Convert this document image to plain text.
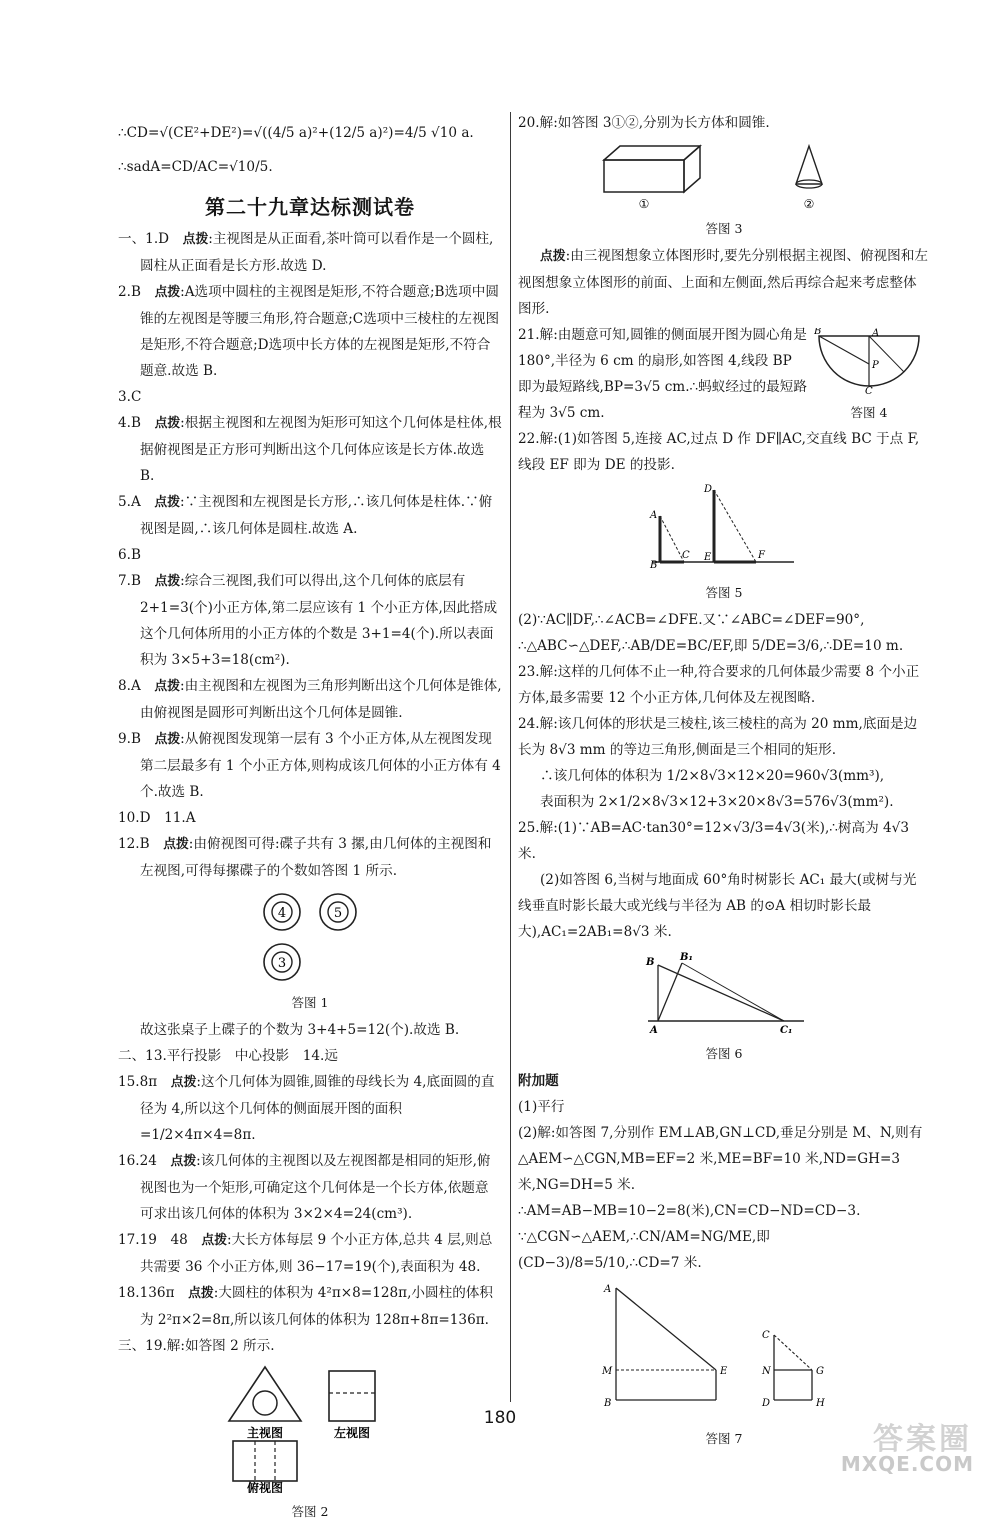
∴CD=√(CE²+DE²)=√((4/5 a)²+(12/5 a)²)=4/5 √10 a.

∴sadA=CD/AC=√10/5.

第二十九章达标测试卷

一、1.D　 点拨:主视图是从正面看,茶叶筒可以看作是一个圆柱,圆柱从正面看是长方形.故选 D.

2.B　 点拨:A选项中圆柱的主视图是矩形,不符合题意;B选项中圆锥的左视图是等腰三角形,符合题意;C选项中三棱柱的左视图是矩形,不符合题意;D选项中长方体的左视图是矩形,不符合题意.故选 B.

3.C

4.B　 点拨:根据主视图和左视图为矩形可知这个几何体是柱体,根据俯视图是正方形可判断出这个几何体应该是长方体.故选 B.

5.A　 点拨:∵主视图和左视图是长方形,∴该几何体是柱体.∵俯视图是圆,∴该几何体是圆柱.故选 A.

6.B

7.B　 点拨:综合三视图,我们可以得出,这个几何体的底层有 2+1=3(个)小正方体,第二层应该有 1 个小正方体,因此搭成这个几何体所用的小正方体的个数是 3+1=4(个).所以表面积为 3×5+3=18(cm²).

8.A　 点拨:由主视图和左视图为三角形判断出这个几何体是锥体,由俯视图是圆形可判断出这个几何体是圆锥.

9.B　 点拨:从俯视图发现第一层有 3 个小正方体,从左视图发现第二层最多有 1 个小正方体,则构成该几何体的小正方体有 4 个.故选 B.

10.D　11.A

12.B　 点拨:由俯视图可得:碟子共有 3 摞,由几何体的主视图和左视图,可得每摞碟子的个数如答图 1 所示.

4	5
3
答图 1

故这张桌子上碟子的个数为 3+4+5=12(个).故选 B.

二、13.平行投影　中心投影　14.远

15.8π　 点拨:这个几何体为圆锥,圆锥的母线长为 4,底面圆的直径为 4,所以这个几何体的侧面展开图的面积=1/2×4π×4=8π.

16.24　 点拨:该几何体的主视图以及左视图都是相同的矩形,俯视图也为一个矩形,可确定这个几何体是一个长方体,依题意可求出该几何体的体积为 3×2×4=24(cm³).

17.19　48　 点拨:大长方体每层 9 个小正方体,总共 4 层,则总共需要 36 个小正方体,则 36−17=19(个),表面积为 48.

18.136π　 点拨:大圆柱的体积为 4²π×8=128π,小圆柱的体积为 2²π×2=8π,所以该几何体的体积为 128π+8π=136π.

三、19.解:如答图 2 所示.

主视图	左视图
俯视图
答图 2

20.解:如答图 3①②,分别为长方体和圆锥.

①	②
答图 3

点拨:由三视图想象立体图形时,要先分别根据主视图、俯视图和左视图想象立体图形的前面、上面和左侧面,然后再综合起来考虑整体图形.

21.解:由题意可知,圆锥的侧面展开图为圆心角是 180°,半径为 6 cm 的扇形,如答图 4,线段 BP 即为最短路线,BP=3√5 cm.∴蚂蚁经过的最短路程为 3√5 cm.

A
B
P
C
答图 4

22.解:(1)如答图 5,连接 AC,过点 D 作 DF∥AC,交直线 BC 于点 F,线段 EF 即为 DE 的投影.

A
B
C
D
E	F
答图 5

(2)∵AC∥DF,∴∠ACB=∠DFE.又∵∠ABC=∠DEF=90°,

∴△ABC∽△DEF,∴AB/DE=BC/EF,即 5/DE=3/6,∴DE=10 m.

23.解:这样的几何体不止一种,符合要求的几何体最少需要 8 个小正方体,最多需要 12 个小正方体,几何体及左视图略.

24.解:该几何体的形状是三棱柱,该三棱柱的高为 20 mm,底面是边长为 8√3 mm 的等边三角形,侧面是三个相同的矩形.

∴该几何体的体积为 1/2×8√3×12×20=960√3(mm³),

表面积为 2×1/2×8√3×12+3×20×8√3=576√3(mm²).

25.解:(1)∵AB=AC·tan30°=12×√3/3=4√3(米),∴树高为 4√3 米.

(2)如答图 6,当树与地面成 60°角时树影长 AC₁ 最大(或树与光线垂直时影长最大或光线与半径为 AB 的⊙A 相切时影长最大),AC₁=2AB₁=8√3 米.

B	B₁
A	C₁
答图 6

附加题

(1)平行

(2)解:如答图 7,分别作 EM⊥AB,GN⊥CD,垂足分别是 M、N,则有△AEM∽△CGN,MB=EF=2 米,ME=BF=10 米,ND=GH=3 米,NG=DH=5 米.

∴AM=AB−MB=10−2=8(米),CN=CD−ND=CD−3.

∵△CGN∽△AEM,∴CN/AM=NG/ME,即 (CD−3)/8=5/10,∴CD=7 米.

A
M
B
E
C
N
D
G
H
答图 7
180
答案圈
MXQE.COM
